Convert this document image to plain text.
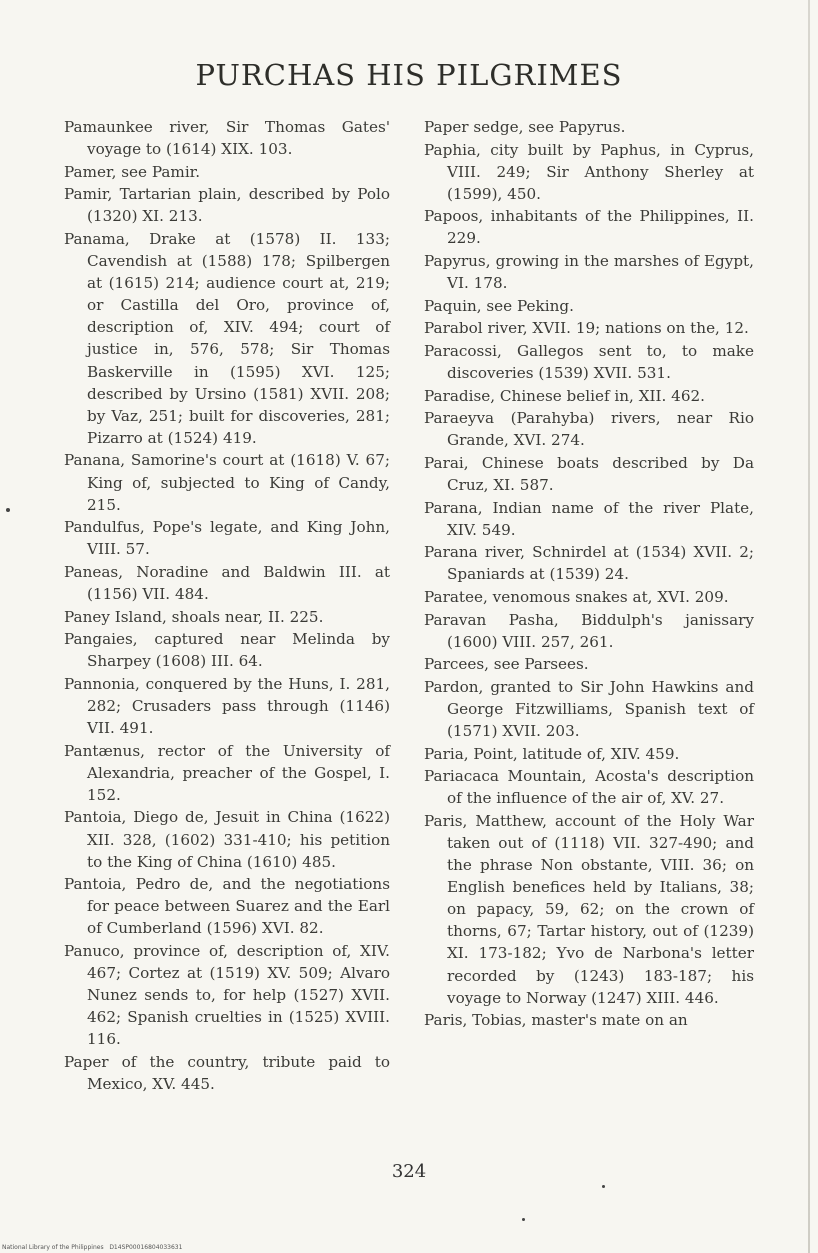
PURCHAS HIS PILGRIMES

Pamaunkee river, Sir Thomas Gates' voyage to (1614) XIX. 103.

Pamer, see Pamir.

Pamir, Tartarian plain, described by Polo (1320) XI. 213.

Panama, Drake at (1578) II. 133; Cavendish at (1588) 178; Spilbergen at (1615) 214; audience court at, 219; or Castilla del Oro, province of, description of, XIV. 494; court of justice in, 576, 578; Sir Thomas Baskerville in (1595) XVI. 125; described by Ursino (1581) XVII. 208; by Vaz, 251; built for discoveries, 281; Pizarro at (1524) 419.

Panana, Samorine's court at (1618) V. 67; King of, subjected to King of Candy, 215.

Pandulfus, Pope's legate, and King John, VIII. 57.

Paneas, Noradine and Baldwin III. at (1156) VII. 484.

Paney Island, shoals near, II. 225.

Pangaies, captured near Melinda by Sharpey (1608) III. 64.

Pannonia, conquered by the Huns, I. 281, 282; Crusaders pass through (1146) VII. 491.

Pantænus, rector of the University of Alexandria, preacher of the Gospel, I. 152.

Pantoia, Diego de, Jesuit in China (1622) XII. 328, (1602) 331-410; his petition to the King of China (1610) 485.

Pantoia, Pedro de, and the negotiations for peace between Suarez and the Earl of Cumberland (1596) XVI. 82.

Panuco, province of, description of, XIV. 467; Cortez at (1519) XV. 509; Alvaro Nunez sends to, for help (1527) XVII. 462; Spanish cruelties in (1525) XVIII. 116.

Paper of the country, tribute paid to Mexico, XV. 445.

Paper sedge, see Papyrus.

Paphia, city built by Paphus, in Cyprus, VIII. 249; Sir Anthony Sherley at (1599), 450.

Papoos, inhabitants of the Philippines, II. 229.

Papyrus, growing in the marshes of Egypt, VI. 178.

Paquin, see Peking.

Parabol river, XVII. 19; nations on the, 12.

Paracossi, Gallegos sent to, to make discoveries (1539) XVII. 531.

Paradise, Chinese belief in, XII. 462.

Paraeyva (Parahyba) rivers, near Rio Grande, XVI. 274.

Parai, Chinese boats described by Da Cruz, XI. 587.

Parana, Indian name of the river Plate, XIV. 549.

Parana river, Schnirdel at (1534) XVII. 2; Spaniards at (1539) 24.

Paratee, venomous snakes at, XVI. 209.

Paravan Pasha, Biddulph's janissary (1600) VIII. 257, 261.

Parcees, see Parsees.

Pardon, granted to Sir John Hawkins and George Fitzwilliams, Spanish text of (1571) XVII. 203.

Paria, Point, latitude of, XIV. 459.

Pariacaca Mountain, Acosta's description of the influence of the air of, XV. 27.

Paris, Matthew, account of the Holy War taken out of (1118) VII. 327-490; and the phrase Non obstante, VIII. 36; on English benefices held by Italians, 38; on papacy, 59, 62; on the crown of thorns, 67; Tartar history, out of (1239) XI. 173-182; Yvo de Narbona's letter recorded by (1243) 183-187; his voyage to Norway (1247) XIII. 446.

Paris, Tobias, master's mate on an

324
National Library of the Philippines D14SP00016804033631
